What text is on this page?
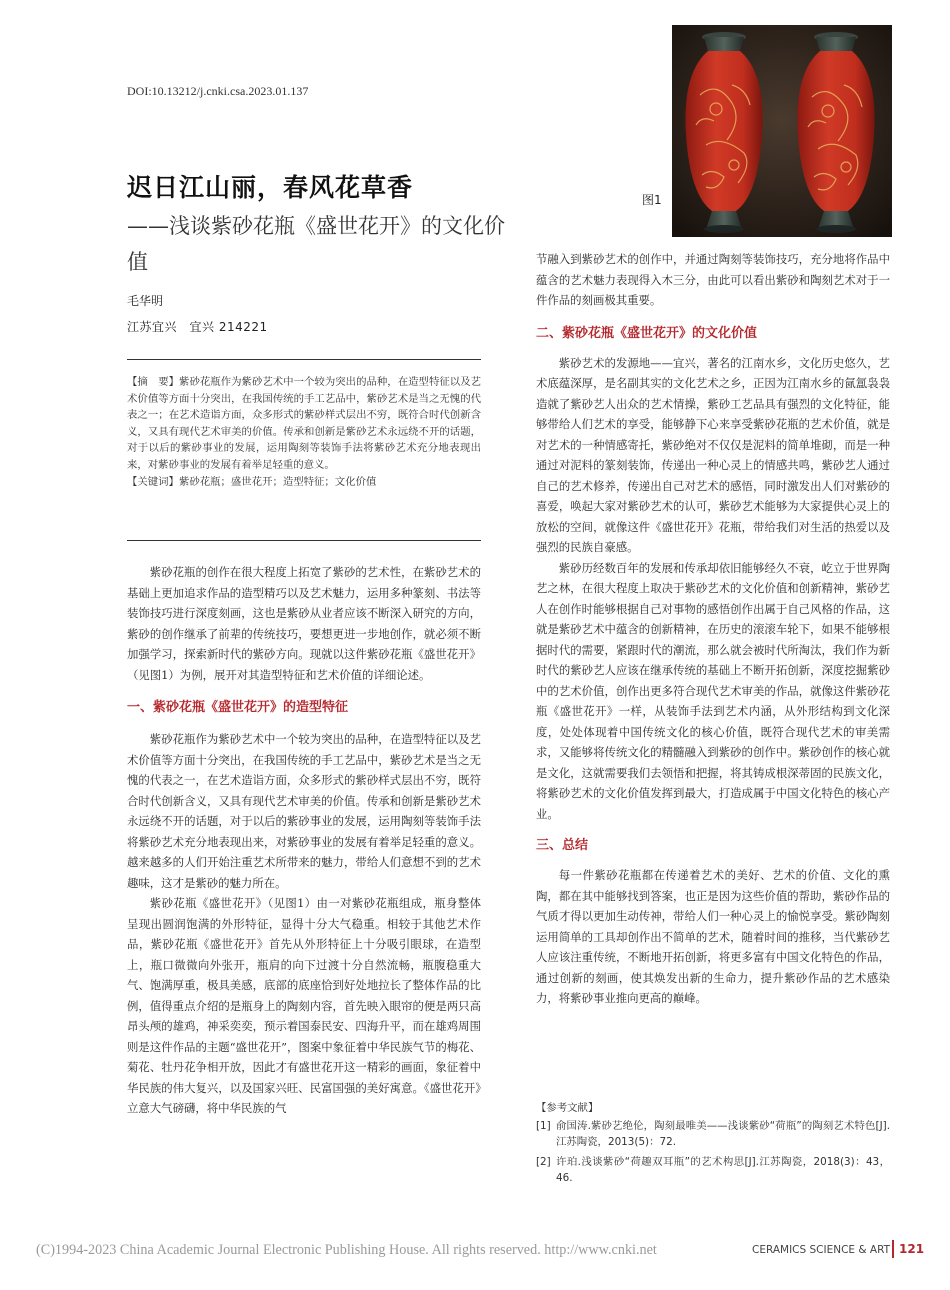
DOI:10.13212/j.cnki.csa.2023.01.137
图1
迟日江山丽，春风花草香
——浅谈紫砂花瓶《盛世花开》的文化价值
毛华明
江苏宜兴　宜兴 214221

【摘　要】紫砂花瓶作为紫砂艺术中一个较为突出的品种，在造型特征以及艺术价值等方面十分突出，在我国传统的手工艺品中，紫砂艺术是当之无愧的代表之一；在艺术造诣方面，众多形式的紫砂样式层出不穷，既符合时代创新含义，又具有现代艺术审美的价值。传承和创新是紫砂艺术永远绕不开的话题，对于以后的紫砂事业的发展，运用陶刻等装饰手法将紫砂艺术充分地表现出来，对紫砂事业的发展有着举足轻重的意义。

【关键词】紫砂花瓶；盛世花开；造型特征；文化价值

紫砂花瓶的创作在很大程度上拓宽了紫砂的艺术性，在紫砂艺术的基础上更加追求作品的造型精巧以及艺术魅力，运用多种篆刻、书法等装饰技巧进行深度刻画，这也是紫砂从业者应该不断深入研究的方向，紫砂的创作继承了前辈的传统技巧，要想更进一步地创作，就必须不断加强学习，探索新时代的紫砂方向。现就以这件紫砂花瓶《盛世花开》（见图1）为例，展开对其造型特征和艺术价值的详细论述。

一、紫砂花瓶《盛世花开》的造型特征

紫砂花瓶作为紫砂艺术中一个较为突出的品种，在造型特征以及艺术价值等方面十分突出，在我国传统的手工艺品中，紫砂艺术是当之无愧的代表之一，在艺术造诣方面，众多形式的紫砂样式层出不穷，既符合时代创新含义，又具有现代艺术审美的价值。传承和创新是紫砂艺术永远绕不开的话题，对于以后的紫砂事业的发展，运用陶刻等装饰手法将紫砂艺术充分地表现出来，对紫砂事业的发展有着举足轻重的意义。越来越多的人们开始注重艺术所带来的魅力，带给人们意想不到的艺术趣味，这才是紫砂的魅力所在。

紫砂花瓶《盛世花开》（见图1）由一对紫砂花瓶组成，瓶身整体呈现出圆润饱满的外形特征，显得十分大气稳重。相较于其他艺术作品，紫砂花瓶《盛世花开》首先从外形特征上十分吸引眼球，在造型上，瓶口微微向外张开，瓶肩的向下过渡十分自然流畅，瓶腹稳重大气、饱满厚重，极具美感，底部的底座恰到好处地拉长了整体作品的比例，值得重点介绍的是瓶身上的陶刻内容，首先映入眼帘的便是两只高昂头颅的雄鸡，神采奕奕，预示着国泰民安、四海升平，而在雄鸡周围则是这件作品的主题“盛世花开”，图案中象征着中华民族气节的梅花、菊花、牡丹花争相开放，因此才有盛世花开这一精彩的画面，象征着中华民族的伟大复兴，以及国家兴旺、民富国强的美好寓意。《盛世花开》立意大气磅礴，将中华民族的气

节融入到紫砂艺术的创作中，并通过陶刻等装饰技巧，充分地将作品中蕴含的艺术魅力表现得入木三分，由此可以看出紫砂和陶刻艺术对于一件作品的刻画极其重要。

二、紫砂花瓶《盛世花开》的文化价值

紫砂艺术的发源地——宜兴，著名的江南水乡，文化历史悠久，艺术底蕴深厚，是名副其实的文化艺术之乡，正因为江南水乡的氤氲袅袅造就了紫砂艺人出众的艺术情操，紫砂工艺品具有强烈的文化特征，能够带给人们艺术的享受，能够静下心来享受紫砂花瓶的艺术价值，就是对艺术的一种情感寄托，紫砂绝对不仅仅是泥料的简单堆砌，而是一种通过对泥料的篆刻装饰，传递出一种心灵上的情感共鸣，紫砂艺人通过自己的艺术修养，传递出自己对艺术的感悟，同时激发出人们对紫砂的喜爱，唤起大家对紫砂艺术的认可，紫砂艺术能够为大家提供心灵上的放松的空间，就像这件《盛世花开》花瓶，带给我们对生活的热爱以及强烈的民族自豪感。

紫砂历经数百年的发展和传承却依旧能够经久不衰，屹立于世界陶艺之林，在很大程度上取决于紫砂艺术的文化价值和创新精神，紫砂艺人在创作时能够根据自己对事物的感悟创作出属于自己风格的作品，这就是紫砂艺术中蕴含的创新精神，在历史的滚滚车轮下，如果不能够根据时代的需要，紧跟时代的潮流，那么就会被时代所淘汰，我们作为新时代的紫砂艺人应该在继承传统的基础上不断开拓创新，深度挖掘紫砂中的艺术价值，创作出更多符合现代艺术审美的作品，就像这件紫砂花瓶《盛世花开》一样，从装饰手法到艺术内涵，从外形结构到文化深度，处处体现着中国传统文化的核心价值，既符合现代艺术的审美需求，又能够将传统文化的精髓融入到紫砂的创作中。紫砂创作的核心就是文化，这就需要我们去领悟和把握，将其铸成根深蒂固的民族文化，将紫砂艺术的文化价值发挥到最大，打造成属于中国文化特色的核心产业。

三、总结

每一件紫砂花瓶都在传递着艺术的美好、艺术的价值、文化的熏陶，都在其中能够找到答案，也正是因为这些价值的帮助，紫砂作品的气质才得以更加生动传神，带给人们一种心灵上的愉悦享受。紫砂陶刻运用简单的工具却创作出不简单的艺术，随着时间的推移，当代紫砂艺人应该注重传统，不断地开拓创新，将更多富有中国文化特色的作品，通过创新的刻画，使其焕发出新的生命力，提升紫砂作品的艺术感染力，将紫砂事业推向更高的巅峰。

【参考文献】
[1] 俞国涛.紫砂艺绝伦，陶刻最唯美——浅谈紫砂“荷瓶”的陶刻艺术特色[J].江苏陶瓷，2013(5)：72.
[2] 许珀.浅谈紫砂“荷趣双耳瓶”的艺术构思[J].江苏陶瓷，2018(3)：43，46.
(C)1994-2023 China Academic Journal Electronic Publishing House. All rights reserved. http://www.cnki.net	CERAMICS SCIENCE & ART 121
